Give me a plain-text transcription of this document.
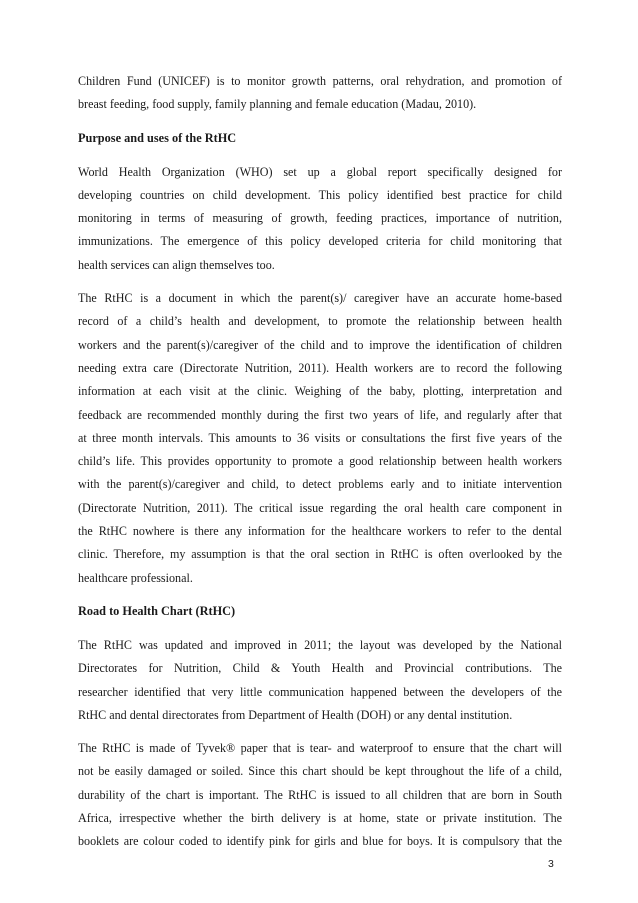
Children Fund (UNICEF) is to monitor growth patterns, oral rehydration, and promotion of
breast feeding, food supply, family planning and female education (Madau, 2010).
Purpose and uses of the RtHC
World Health Organization (WHO) set up a global report specifically designed for
developing countries on child development. This policy identified best practice for child
monitoring in terms of measuring of growth, feeding practices, importance of nutrition,
immunizations. The emergence of this policy developed criteria for child monitoring that
health services can align themselves too.
The RtHC is a document in which the parent(s)/ caregiver have an accurate home-based
record of a child’s health and development, to promote the relationship between health
workers and the parent(s)/caregiver of the child and to improve the identification of children
needing extra care (Directorate Nutrition, 2011). Health workers are to record the following
information at each visit at the clinic. Weighing of the baby, plotting, interpretation and
feedback are recommended monthly during the first two years of life, and regularly after that
at three month intervals. This amounts to 36 visits or consultations the first five years of the
child’s life. This provides opportunity to promote a good relationship between health workers
with the parent(s)/caregiver and child, to detect problems early and to initiate intervention
(Directorate Nutrition, 2011). The critical issue regarding the oral health care component in
the RtHC nowhere is there any information for the healthcare workers to refer to the dental
clinic. Therefore, my assumption is that the oral section in RtHC is often overlooked by the
healthcare professional.
Road to Health Chart (RtHC)
The RtHC was updated and improved in 2011; the layout was developed by the National
Directorates for Nutrition, Child & Youth Health and Provincial contributions. The
researcher identified that very little communication happened between the developers of the
RtHC and dental directorates from Department of Health (DOH) or any dental institution.
The RtHC is made of Tyvek® paper that is tear- and waterproof to ensure that the chart will
not be easily damaged or soiled. Since this chart should be kept throughout the life of a child,
durability of the chart is important. The RtHC is issued to all children that are born in South
Africa, irrespective whether the birth delivery is at home, state or private institution. The
booklets are colour coded to identify pink for girls and blue for boys. It is compulsory that the
3
